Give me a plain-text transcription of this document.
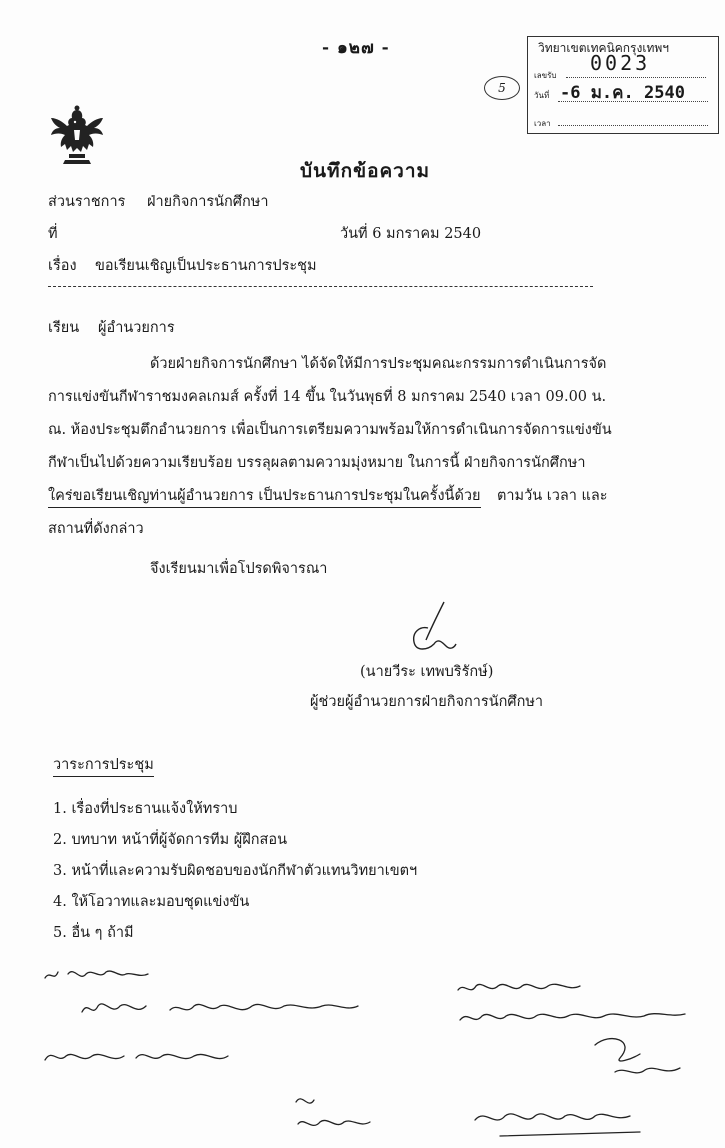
- ๑๒๗ -	วิทยาเขตเทคนิคกรุงเทพฯ
0023
เลขรับ
วันที่ -6 ม.ค. 2540
เวลา
5
บันทึกข้อความ
ส่วนราชการ ฝ่ายกิจการนักศึกษา
ที่	วันที่ 6 มกราคม 2540
เรื่อง ขอเรียนเชิญเป็นประธานการประชุม
เรียน ผู้อำนวยการ
ด้วยฝ่ายกิจการนักศึกษา ได้จัดให้มีการประชุมคณะกรรมการดำเนินการจัด
การแข่งขันกีฬาราชมงคลเกมส์ ครั้งที่ 14 ขึ้น ในวันพุธที่ 8 มกราคม 2540 เวลา 09.00 น.
ณ. ห้องประชุมตึกอำนวยการ เพื่อเป็นการเตรียมความพร้อมให้การดำเนินการจัดการแข่งขัน
กีฬาเป็นไปด้วยความเรียบร้อย บรรลุผลตามความมุ่งหมาย ในการนี้ ฝ่ายกิจการนักศึกษา
ใคร่ขอเรียนเชิญท่านผู้อำนวยการ เป็นประธานการประชุมในครั้งนี้ด้วย ตามวัน เวลา และ
สถานที่ดังกล่าว
จึงเรียนมาเพื่อโปรดพิจารณา
(นายวีระ เทพบริรักษ์)
ผู้ช่วยผู้อำนวยการฝ่ายกิจการนักศึกษา
วาระการประชุม
1. เรื่องที่ประธานแจ้งให้ทราบ
2. บทบาท หน้าที่ผู้จัดการทีม ผู้ฝึกสอน
3. หน้าที่และความรับผิดชอบของนักกีฬาตัวแทนวิทยาเขตฯ
4. ให้โอวาทและมอบชุดแข่งขัน
5. อื่น ๆ ถ้ามี
